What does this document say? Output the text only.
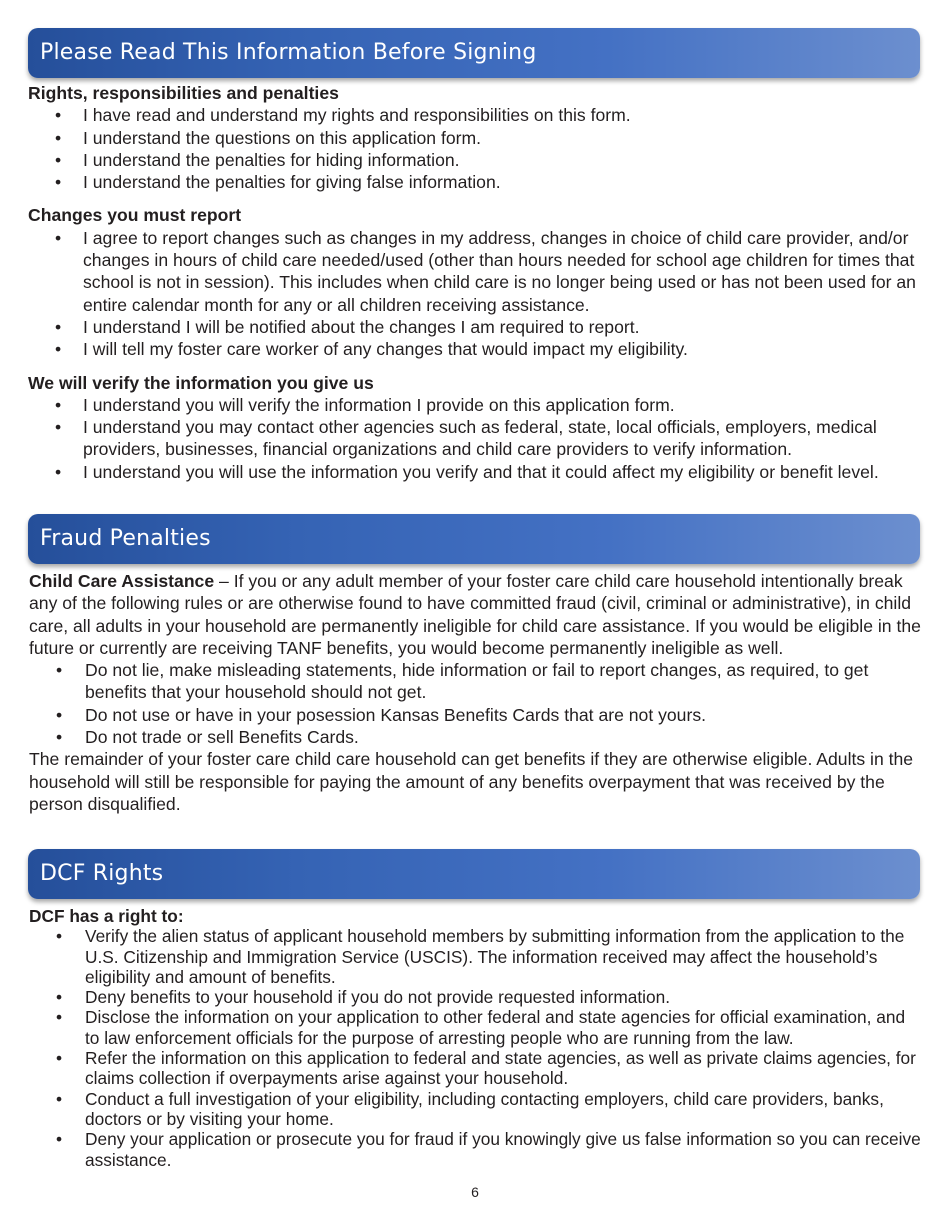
Please Read This Information Before Signing
Rights, responsibilities and penalties
• I have read and understand my rights and responsibilities on this form.
• I understand the questions on this application form.
• I understand the penalties for hiding information.
• I understand the penalties for giving false information.
Changes you must report
• I agree to report changes such as changes in my address, changes in choice of child care provider, and/or changes in hours of child care needed/used (other than hours needed for school age children for times that school is not in session). This includes when child care is no longer being used or has not been used for an entire calendar month for any or all children receiving assistance.
• I understand I will be notified about the changes I am required to report.
• I will tell my foster care worker of any changes that would impact my eligibility.
We will verify the information you give us
• I understand you will verify the information I provide on this application form.
• I understand you may contact other agencies such as federal, state, local officials, employers, medical providers, businesses, financial organizations and child care providers to verify information.
• I understand you will use the information you verify and that it could affect my eligibility or benefit level.
Fraud Penalties

Child Care Assistance – If you or any adult member of your foster care child care household intentionally break any of the following rules or are otherwise found to have committed fraud (civil, criminal or administrative), in child care, all adults in your household are permanently ineligible for child care assistance. If you would be eligible in the future or currently are receiving TANF benefits, you would become permanently ineligible as well.

• Do not lie, make misleading statements, hide information or fail to report changes, as required, to get benefits that your household should not get.
• Do not use or have in your posession Kansas Benefits Cards that are not yours.
• Do not trade or sell Benefits Cards.

The remainder of your foster care child care household can get benefits if they are otherwise eligible. Adults in the household will still be responsible for paying the amount of any benefits overpayment that was received by the person disqualified.

DCF Rights
DCF has a right to:
• Verify the alien status of applicant household members by submitting information from the application to the U.S. Citizenship and Immigration Service (USCIS). The information received may affect the household’s eligibility and amount of benefits.
• Deny benefits to your household if you do not provide requested information.
• Disclose the information on your application to other federal and state agencies for official examination, and to law enforcement officials for the purpose of arresting people who are running from the law.
• Refer the information on this application to federal and state agencies, as well as private claims agencies, for claims collection if overpayments arise against your household.
• Conduct a full investigation of your eligibility, including contacting employers, child care providers, banks, doctors or by visiting your home.
• Deny your application or prosecute you for fraud if you knowingly give us false information so you can receive assistance.
6
